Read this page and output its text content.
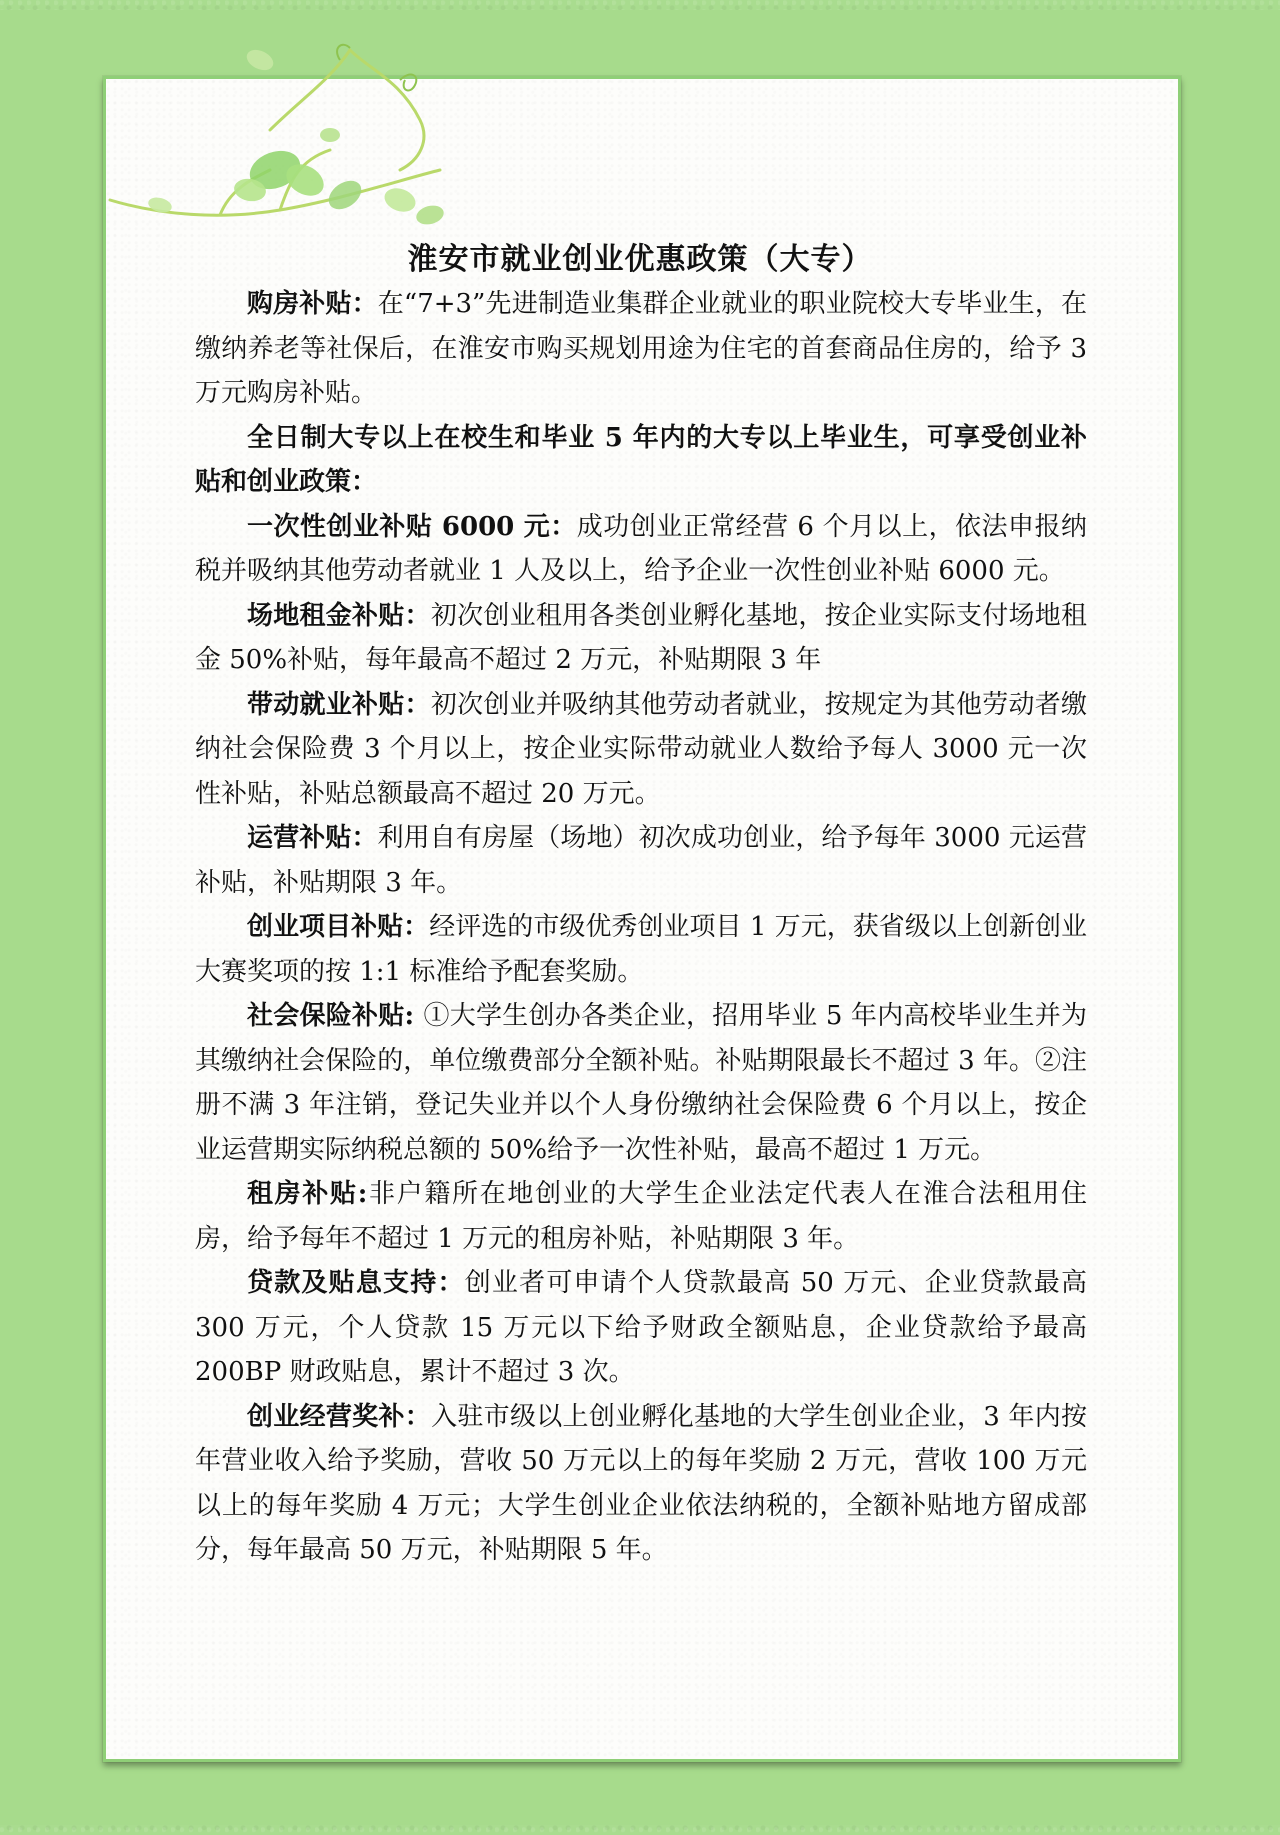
淮安市就业创业优惠政策（大专）

购房补贴：在“7+3”先进制造业集群企业就业的职业院校大专毕业生，在缴纳养老等社保后，在淮安市购买规划用途为住宅的首套商品住房的，给予 3 万元购房补贴。

全日制大专以上在校生和毕业 5 年内的大专以上毕业生，可享受创业补贴和创业政策：

一次性创业补贴 6000 元：成功创业正常经营 6 个月以上，依法申报纳税并吸纳其他劳动者就业 1 人及以上，给予企业一次性创业补贴 6000 元。

场地租金补贴：初次创业租用各类创业孵化基地，按企业实际支付场地租金 50%补贴，每年最高不超过 2 万元，补贴期限 3 年

带动就业补贴：初次创业并吸纳其他劳动者就业，按规定为其他劳动者缴纳社会保险费 3 个月以上，按企业实际带动就业人数给予每人 3000 元一次性补贴，补贴总额最高不超过 20 万元。

运营补贴：利用自有房屋（场地）初次成功创业，给予每年 3000 元运营补贴，补贴期限 3 年。

创业项目补贴：经评选的市级优秀创业项目 1 万元，获省级以上创新创业大赛奖项的按 1:1 标准给予配套奖励。

社会保险补贴: ①大学生创办各类企业，招用毕业 5 年内高校毕业生并为其缴纳社会保险的，单位缴费部分全额补贴。补贴期限最长不超过 3 年。②注册不满 3 年注销，登记失业并以个人身份缴纳社会保险费 6 个月以上，按企业运营期实际纳税总额的 50%给予一次性补贴，最高不超过 1 万元。

租房补贴:非户籍所在地创业的大学生企业法定代表人在淮合法租用住房，给予每年不超过 1 万元的租房补贴，补贴期限 3 年。

贷款及贴息支持：创业者可申请个人贷款最高 50 万元、企业贷款最高 300 万元，个人贷款 15 万元以下给予财政全额贴息，企业贷款给予最高 200BP 财政贴息，累计不超过 3 次。

创业经营奖补：入驻市级以上创业孵化基地的大学生创业企业，3 年内按年营业收入给予奖励，营收 50 万元以上的每年奖励 2 万元，营收 100 万元以上的每年奖励 4 万元；大学生创业企业依法纳税的，全额补贴地方留成部分，每年最高 50 万元，补贴期限 5 年。
